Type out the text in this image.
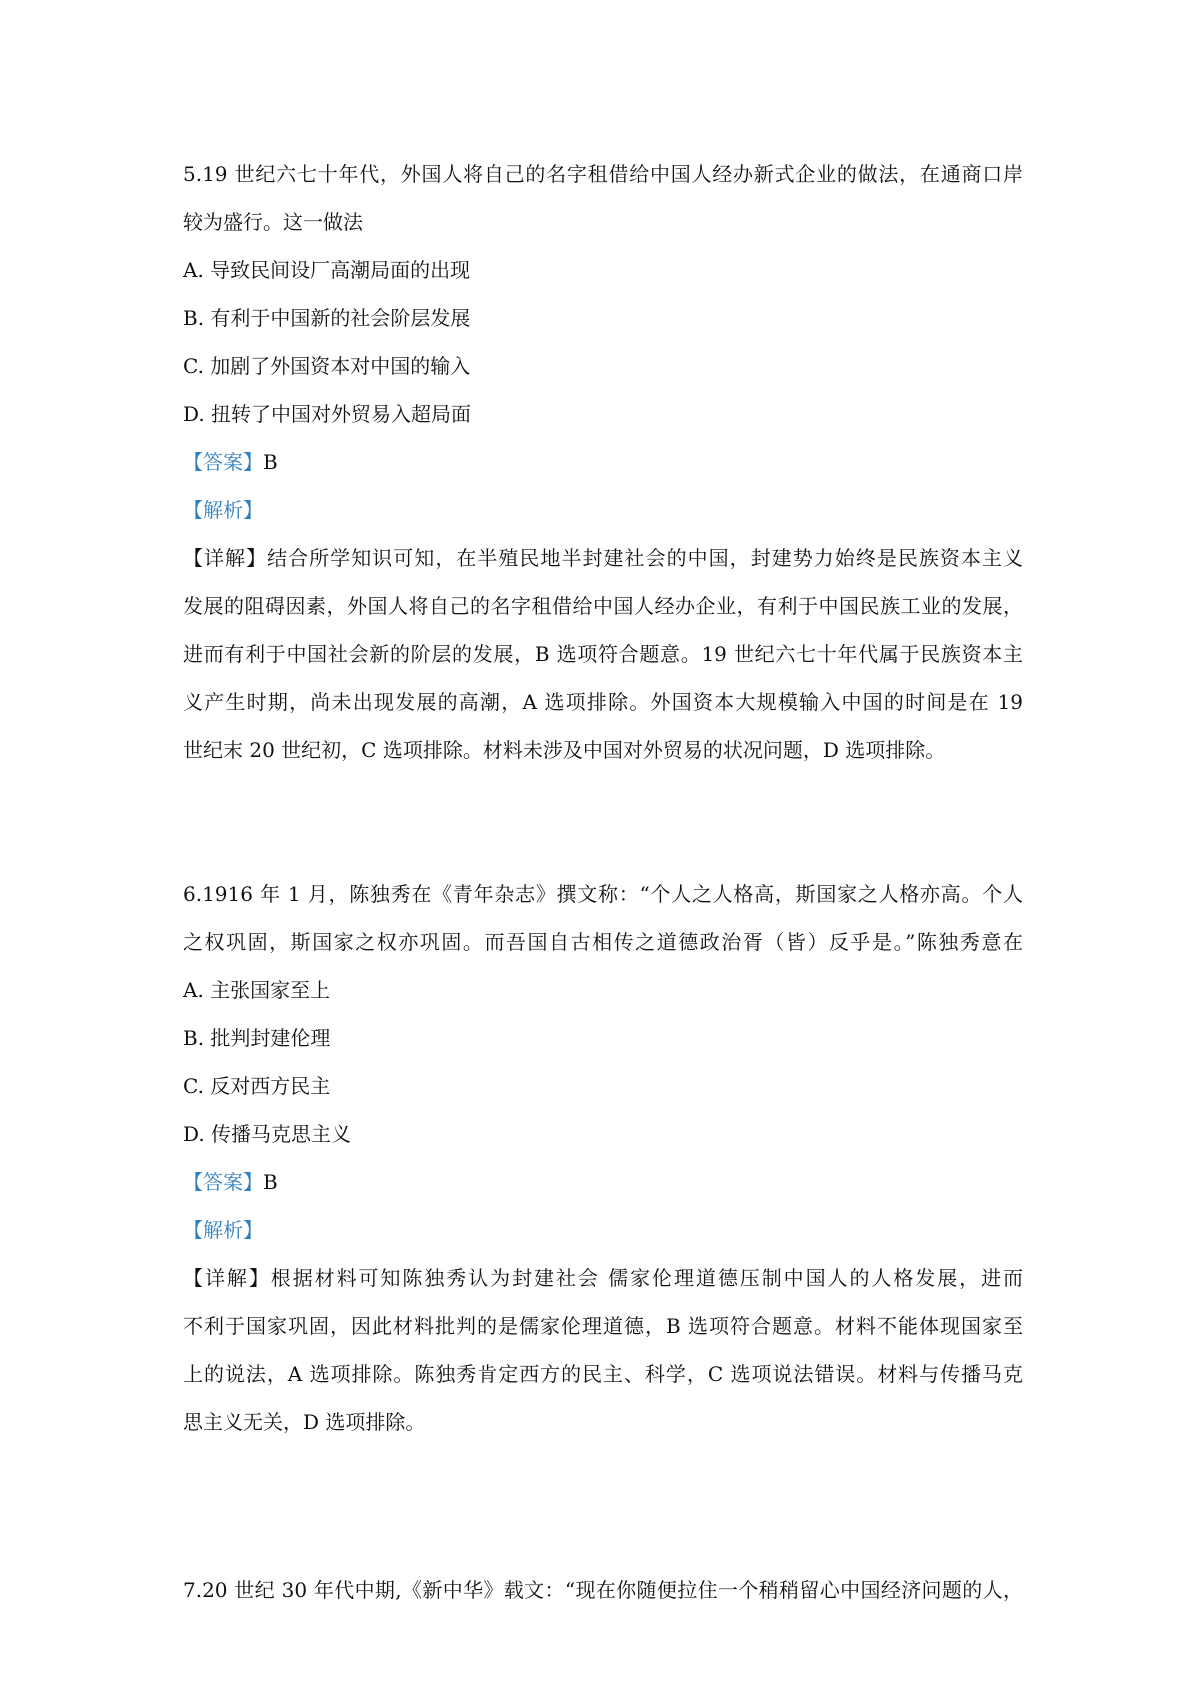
5.19 世纪六七十年代，外国人将自己的名字租借给中国人经办新式企业的做法，在通商口岸
较为盛行。这一做法
A. 导致民间设厂高潮局面的出现
B. 有利于中国新的社会阶层发展
C. 加剧了外国资本对中国的输入
D. 扭转了中国对外贸易入超局面
【答案】B
【解析】
【详解】结合所学知识可知，在半殖民地半封建社会的中国，封建势力始终是民族资本主义
发展的阻碍因素，外国人将自己的名字租借给中国人经办企业，有利于中国民族工业的发展，
进而有利于中国社会新的阶层的发展，B 选项符合题意。19 世纪六七十年代属于民族资本主
义产生时期，尚未出现发展的高潮，A 选项排除。外国资本大规模输入中国的时间是在 19
世纪末 20 世纪初，C 选项排除。材料未涉及中国对外贸易的状况问题，D 选项排除。
6.1916 年 1 月，陈独秀在《青年杂志》撰文称：“个人之人格高，斯国家之人格亦高。个人
之权巩固，斯国家之权亦巩固。而吾国自古相传之道德政治胥（皆）反乎是。”陈独秀意在
A. 主张国家至上
B. 批判封建伦理
C. 反对西方民主
D. 传播马克思主义
【答案】B
【解析】
【详解】根据材料可知陈独秀认为封建社会 儒家伦理道德压制中国人的人格发展，进而
不利于国家巩固，因此材料批判的是儒家伦理道德，B 选项符合题意。材料不能体现国家至
上的说法，A 选项排除。陈独秀肯定西方的民主、科学，C 选项说法错误。材料与传播马克
思主义无关，D 选项排除。
7.20 世纪 30 年代中期,《新中华》载文：“现在你随便拉住一个稍稍留心中国经济问题的人，
